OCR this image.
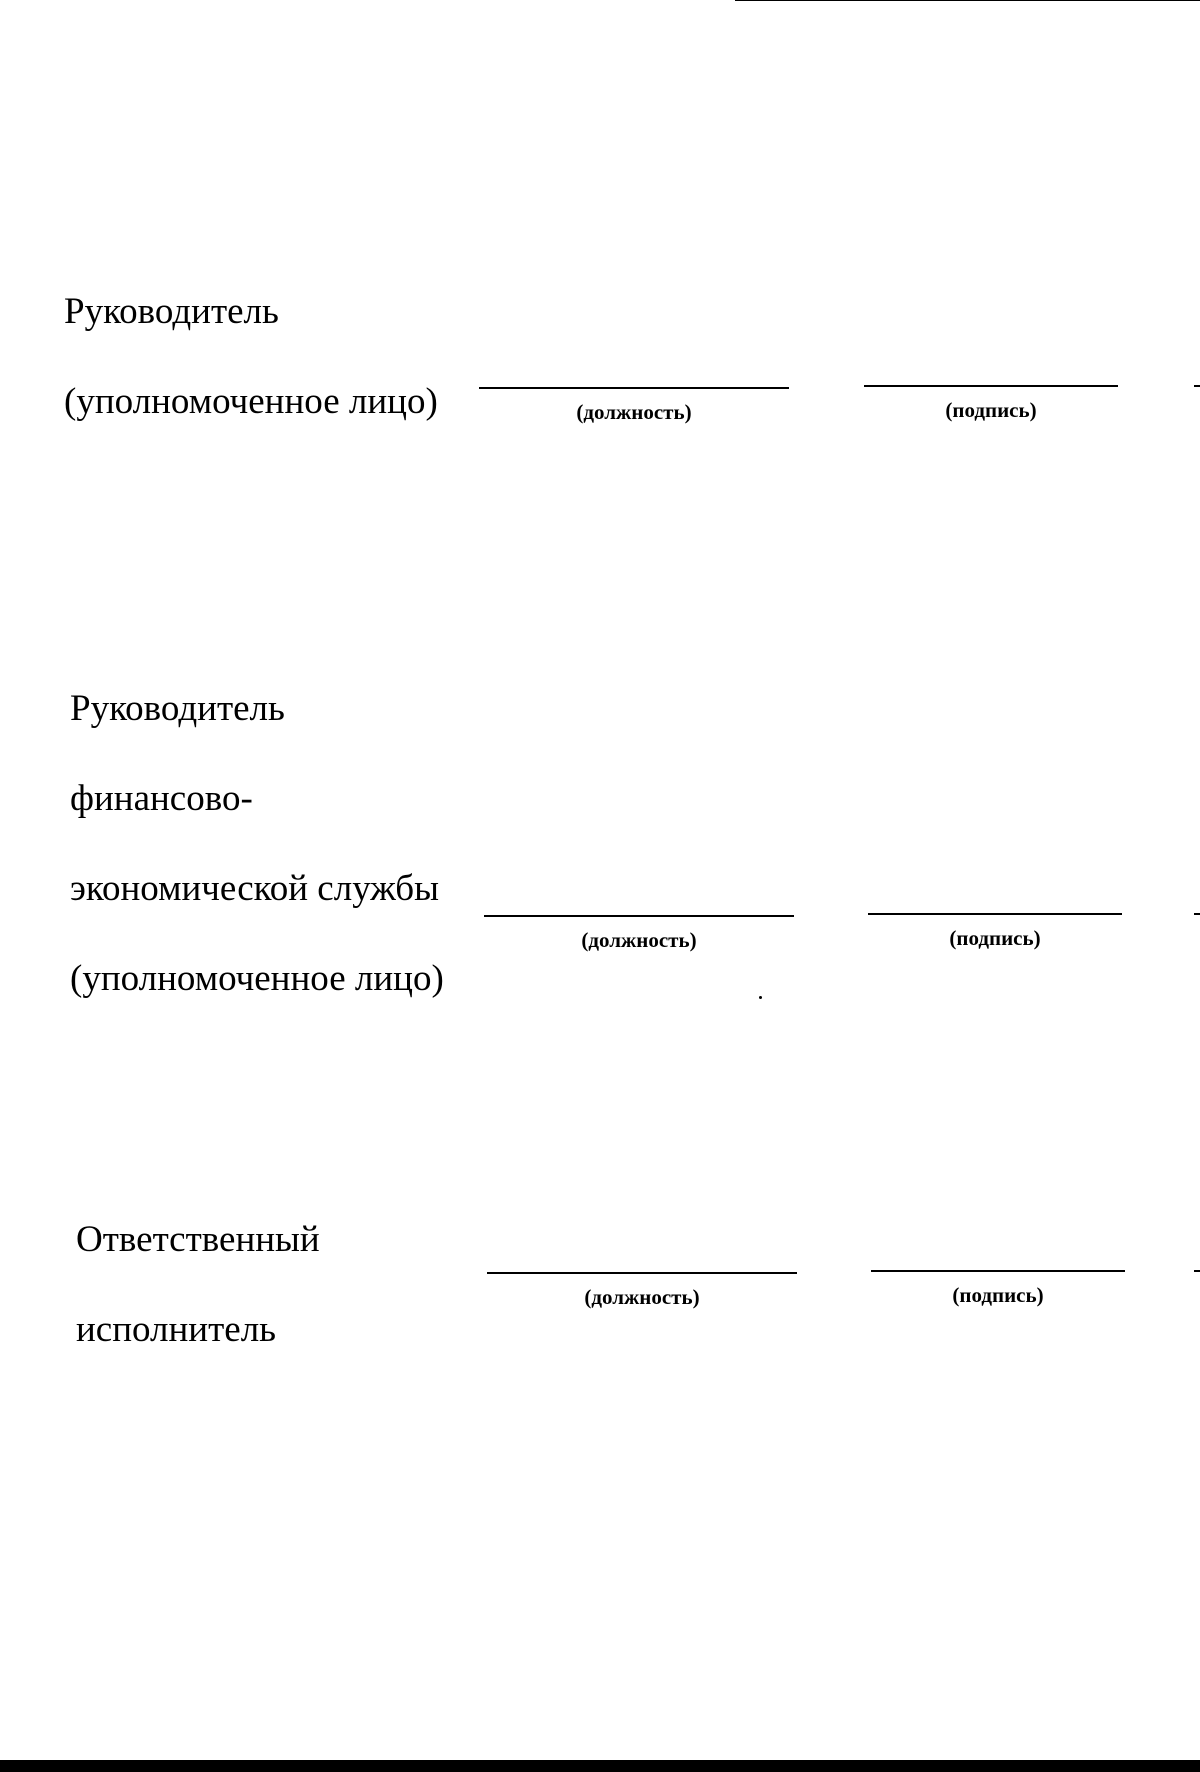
Руководитель

(уполномоченное лицо)	(должность)	(подпись)

Руководитель

финансово-

экономической службы

(уполномоченное лицо)

(должность)	(подпись)

Ответственный

исполнитель

(должность)	(подпись)
